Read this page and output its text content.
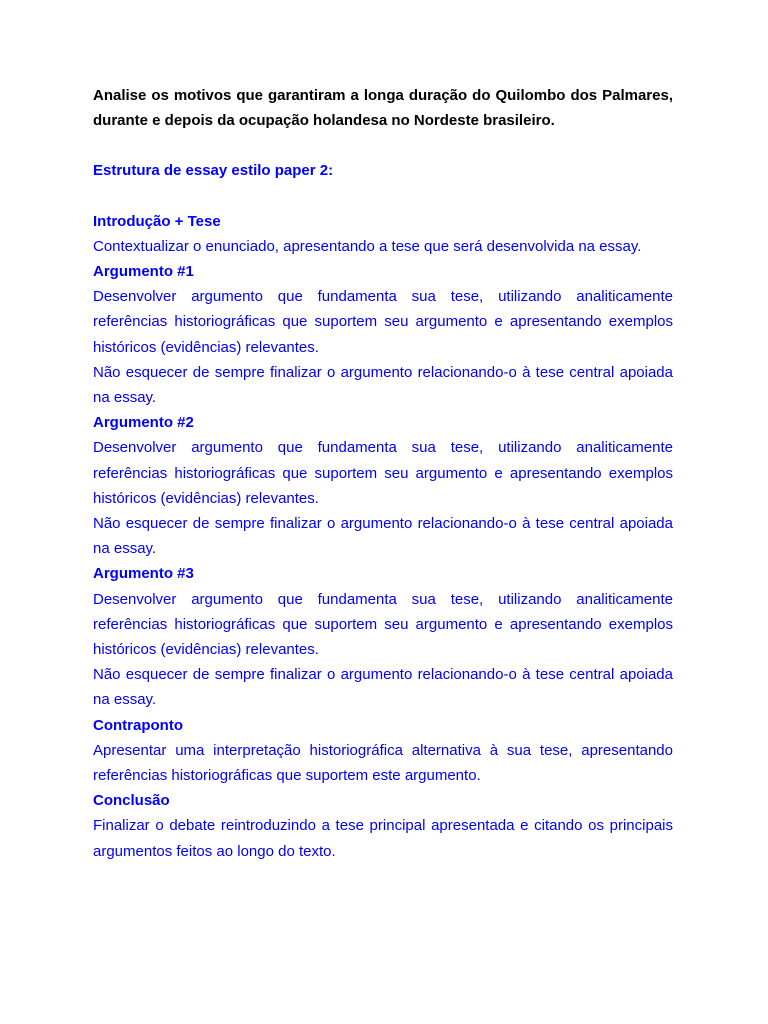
Analise os motivos que garantiram a longa duração do Quilombo dos Palmares, durante e depois da ocupação holandesa no Nordeste brasileiro.

Estrutura de essay estilo paper 2:

Introdução + Tese

Contextualizar o enunciado, apresentando a tese que será desenvolvida na essay.

Argumento #1

Desenvolver argumento que fundamenta sua tese, utilizando analiticamente referências historiográficas que suportem seu argumento e apresentando exemplos históricos (evidências) relevantes.

Não esquecer de sempre finalizar o argumento relacionando-o à tese central apoiada na essay.

Argumento #2

Desenvolver argumento que fundamenta sua tese, utilizando analiticamente referências historiográficas que suportem seu argumento e apresentando exemplos históricos (evidências) relevantes.

Não esquecer de sempre finalizar o argumento relacionando-o à tese central apoiada na essay.

Argumento #3

Desenvolver argumento que fundamenta sua tese, utilizando analiticamente referências historiográficas que suportem seu argumento e apresentando exemplos históricos (evidências) relevantes.

Não esquecer de sempre finalizar o argumento relacionando-o à tese central apoiada na essay.

Contraponto

Apresentar uma interpretação historiográfica alternativa à sua tese, apresentando referências historiográficas que suportem este argumento.

Conclusão

Finalizar o debate reintroduzindo a tese principal apresentada e citando os principais argumentos feitos ao longo do texto.
